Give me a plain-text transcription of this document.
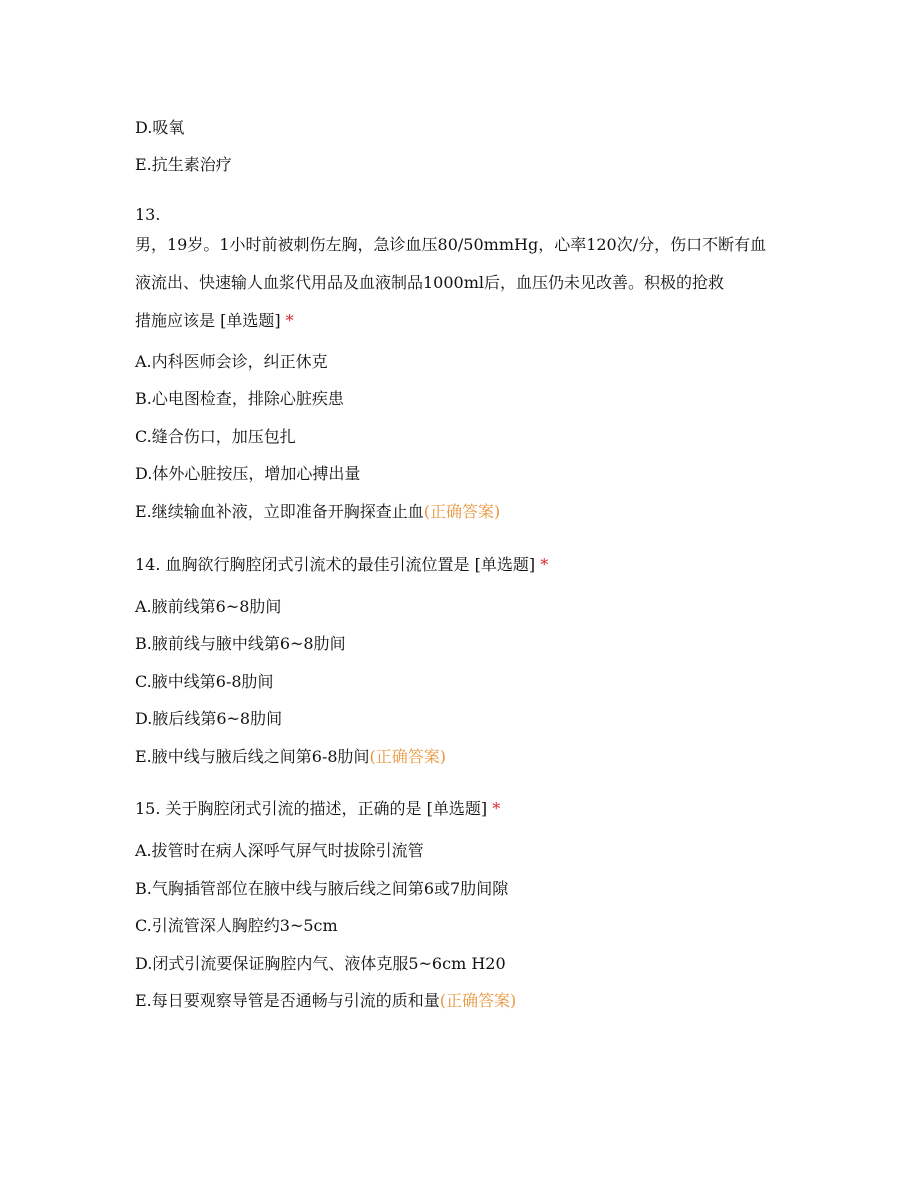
D.吸氧
E.抗生素治疗
13.
男，19岁。1小时前被刺伤左胸，急诊血压80/50mmHg，心率120次/分，伤口不断有血
液流出、快速输人血浆代用品及血液制品1000ml后，血压仍未见改善。积极的抢救
措施应该是 [单选题] *
A.内科医师会诊，纠正休克
B.心电图检查，排除心脏疾患
C.缝合伤口，加压包扎
D.体外心脏按压，增加心搏出量
E.继续输血补液，立即准备开胸探查止血(正确答案)
14. 血胸欲行胸腔闭式引流术的最佳引流位置是 [单选题] *
A.腋前线第6~8肋间
B.腋前线与腋中线第6~8肋间
C.腋中线第6-8肋间
D.腋后线第6~8肋间
E.腋中线与腋后线之间第6-8肋间(正确答案)
15. 关于胸腔闭式引流的描述，正确的是 [单选题] *
A.拔管时在病人深呼气屏气时拔除引流管
B.气胸插管部位在腋中线与腋后线之间第6或7肋间隙
C.引流管深人胸腔约3~5cm
D.闭式引流要保证胸腔内气、液体克服5~6cm H20
E.每日要观察导管是否通畅与引流的质和量(正确答案)
